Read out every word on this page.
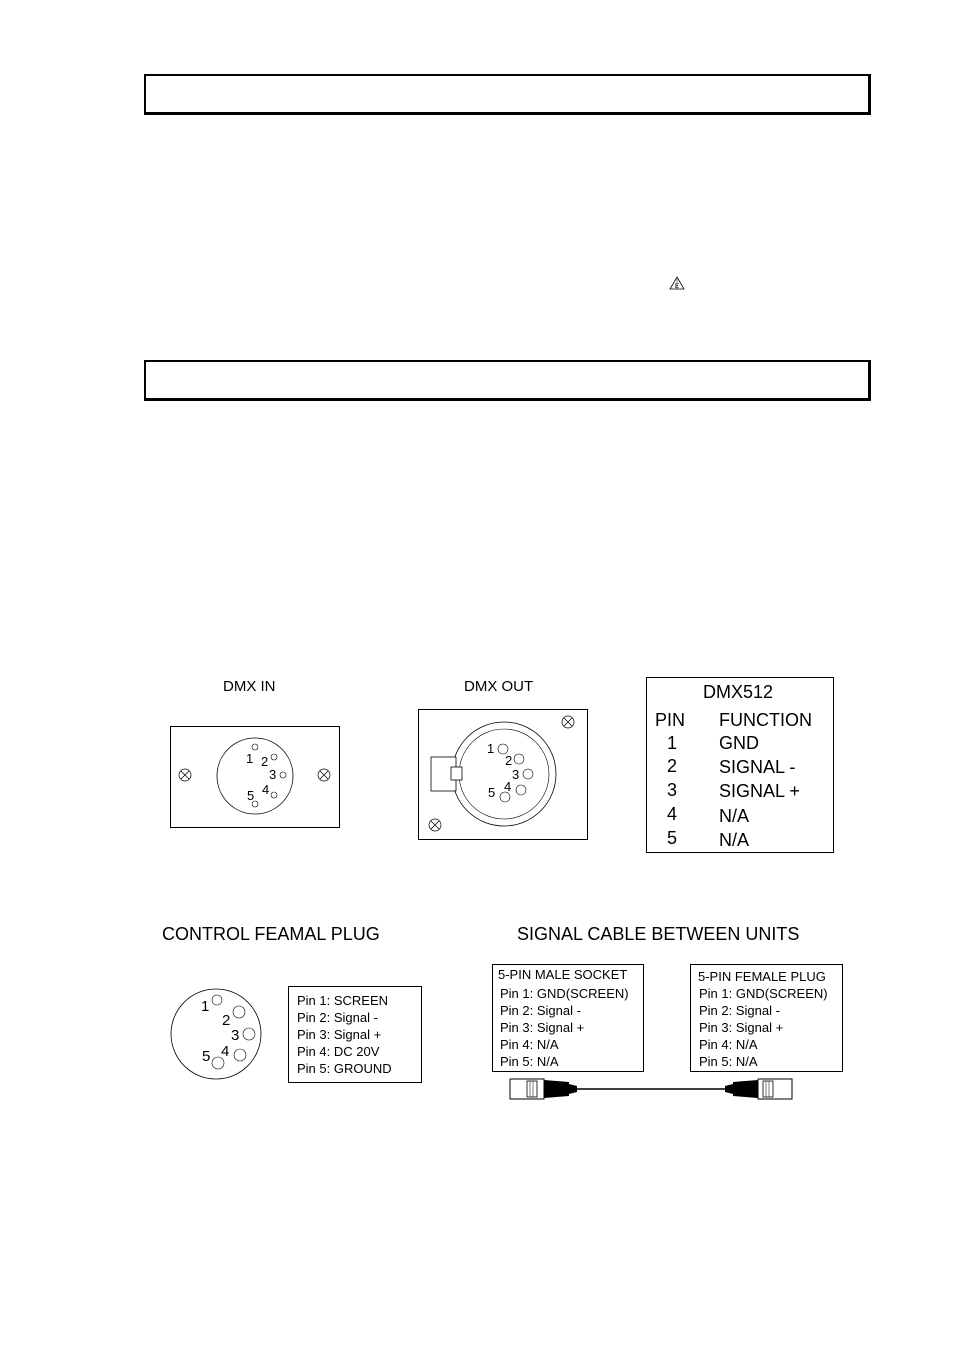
E
DMX IN
1 2
3
4
5
DMX OUT
1
2
3
4
5
DMX512
PIN FUNCTION
1 GND
2 SIGNAL -
3 SIGNAL +
4 N/A
5 N/A
CONTROL FEAMAL PLUG
1
2
3
4
5
Pin 1: SCREEN
Pin 2: Signal -
Pin 3: Signal +
Pin 4: DC 20V
Pin 5: GROUND
SIGNAL CABLE BETWEEN UNITS
5-PIN MALE SOCKET
Pin 1: GND(SCREEN)
Pin 2: Signal -
Pin 3: Signal +
Pin 4: N/A
Pin 5: N/A
5-PIN FEMALE PLUG
Pin 1: GND(SCREEN)
Pin 2: Signal -
Pin 3: Signal +
Pin 4: N/A
Pin 5: N/A
